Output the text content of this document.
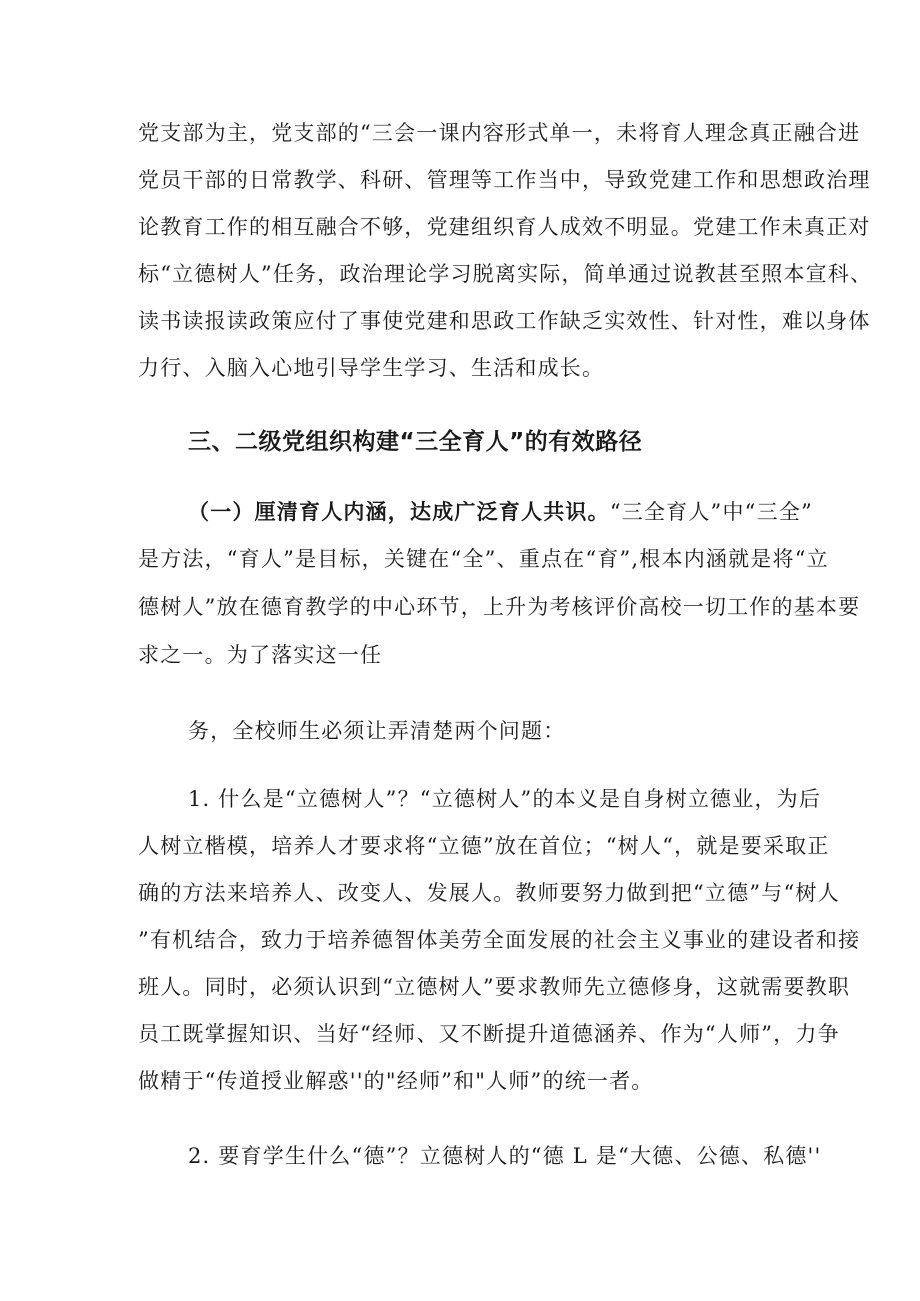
党支部为主，党支部的“三会一课内容形式单一，未将育人理念真正融合进
党员干部的日常教学、科研、管理等工作当中，导致党建工作和思想政治理
论教育工作的相互融合不够，党建组织育人成效不明显。党建工作未真正对
标“立德树人”任务，政治理论学习脱离实际，简单通过说教甚至照本宣科、
读书读报读政策应付了事使党建和思政工作缺乏实效性、针对性，难以身体
力行、入脑入心地引导学生学习、生活和成长。
三、二级党组织构建“三全育人”的有效路径
（一）厘清育人内涵，达成广泛育人共识。“三全育人”中“三全”
是方法，“育人”是目标，关键在“全”、重点在“育”,根本内涵就是将“立
德树人”放在德育教学的中心环节，上升为考核评价高校一切工作的基本要
求之一。为了落实这一任
务，全校师生必须让弄清楚两个问题：
1. 什么是“立德树人”？“立德树人”的本义是自身树立德业，为后
人树立楷模，培养人才要求将“立德”放在首位；“树人“，就是要采取正
确的方法来培养人、改变人、发展人。教师要努力做到把“立德”与“树人
”有机结合，致力于培养德智体美劳全面发展的社会主义事业的建设者和接
班人。同时，必须认识到“立德树人”要求教师先立德修身，这就需要教职
员工既掌握知识、当好“经师、又不断提升道德涵养、作为“人师”，力争
做精于“传道授业解惑''的"经师”和"人师”的统一者。
2. 要育学生什么“德”？立德树人的“德 L 是“大德、公德、私德''
